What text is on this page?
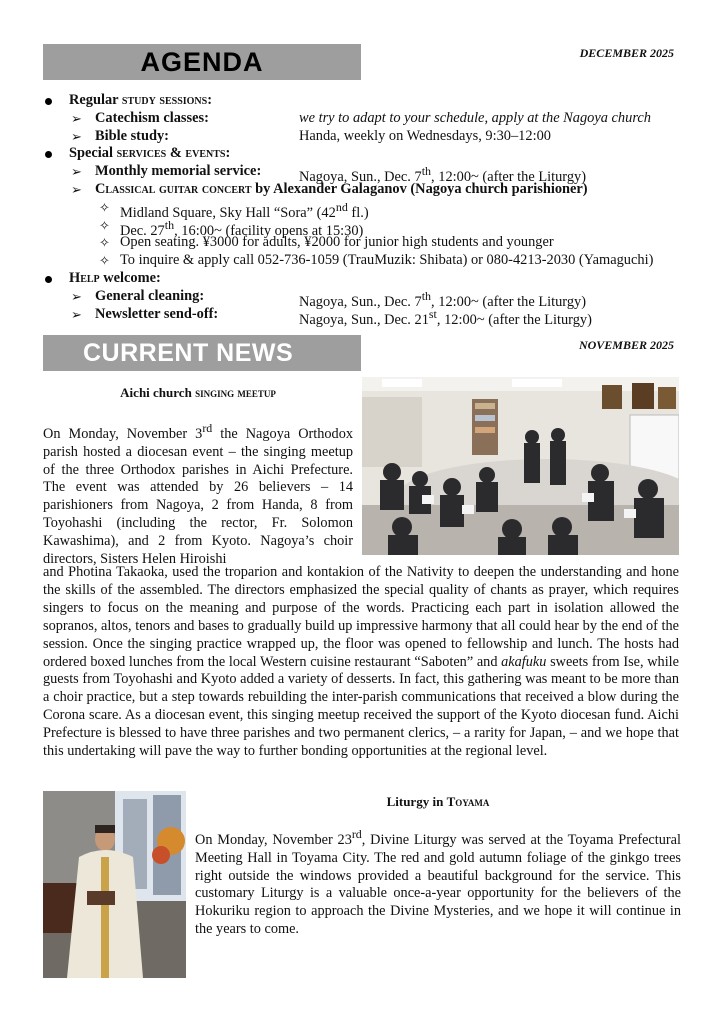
AGENDA	DECEMBER 2025
Regular study sessions:
➢ Catechism classes:	we try to adapt to your schedule, apply at the Nagoya church
➢ Bible study:	Handa, weekly on Wednesdays, 9:30–12:00
Special services & events:
➢ Monthly memorial service:	Nagoya, Sun., Dec. 7th, 12:00~ (after the Liturgy)
➢ Classical guitar concert by Alexander Galaganov (Nagoya church parishioner)
✧ Midland Square, Sky Hall “Sora” (42nd fl.)
✧ Dec. 27th, 16:00~ (facility opens at 15:30)
✧ Open seating. ¥3000 for adults, ¥2000 for junior high students and younger
✧ To inquire & apply call 052-736-1059 (TrauMuzik: Shibata) or 080-4213-2030 (Yamaguchi)
Help welcome:
➢ General cleaning:	Nagoya, Sun., Dec. 7th, 12:00~ (after the Liturgy)
➢ Newsletter send-off:	Nagoya, Sun., Dec. 21st, 12:00~ (after the Liturgy)
CURRENT NEWS	NOVEMBER 2025
Aichi church singing meetup

On Monday, November 3rd the Nagoya Orthodox parish hosted a diocesan event – the singing meetup of the three Orthodox parishes in Aichi Prefecture. The event was attended by 26 believers – 14 parishioners from Nagoya, 2 from Handa, 8 from Toyohashi (including the rector, Fr. Solomon Kawashima), and 2 from Kyoto. Nagoya’s choir directors, Sisters Helen Hiroishi

and Photina Takaoka, used the troparion and kontakion of the Nativity to deepen the understanding and hone the skills of the assembled. The directors emphasized the special quality of chants as prayer, which requires singers to focus on the meaning and purpose of the words. Practicing each part in isolation allowed the sopranos, altos, tenors and bases to gradually build up impressive harmony that all could hear by the end of the session. Once the singing practice wrapped up, the floor was opened to fellowship and lunch. The hosts had ordered boxed lunches from the local Western cuisine restaurant “Saboten” and akafuku sweets from Ise, while guests from Toyohashi and Kyoto added a variety of desserts. In fact, this gathering was meant to be more than a choir practice, but a step towards rebuilding the inter-parish communications that received a blow during the Corona scare. As a diocesan event, this singing meetup received the support of the Kyoto diocesan fund. Aichi Prefecture is blessed to have three parishes and two permanent clerics, – a rarity for Japan, – and we hope that this undertaking will pave the way to further bonding opportunities at the regional level.

Liturgy in Toyama

On Monday, November 23rd, Divine Liturgy was served at the Toyama Prefectural Meeting Hall in Toyama City. The red and gold autumn foliage of the ginkgo trees right outside the windows provided a beautiful background for the service. This customary Liturgy is a valuable once-a-year opportunity for the believers of the Hokuriku region to approach the Divine Mysteries, and we hope it will continue in the years to come.
